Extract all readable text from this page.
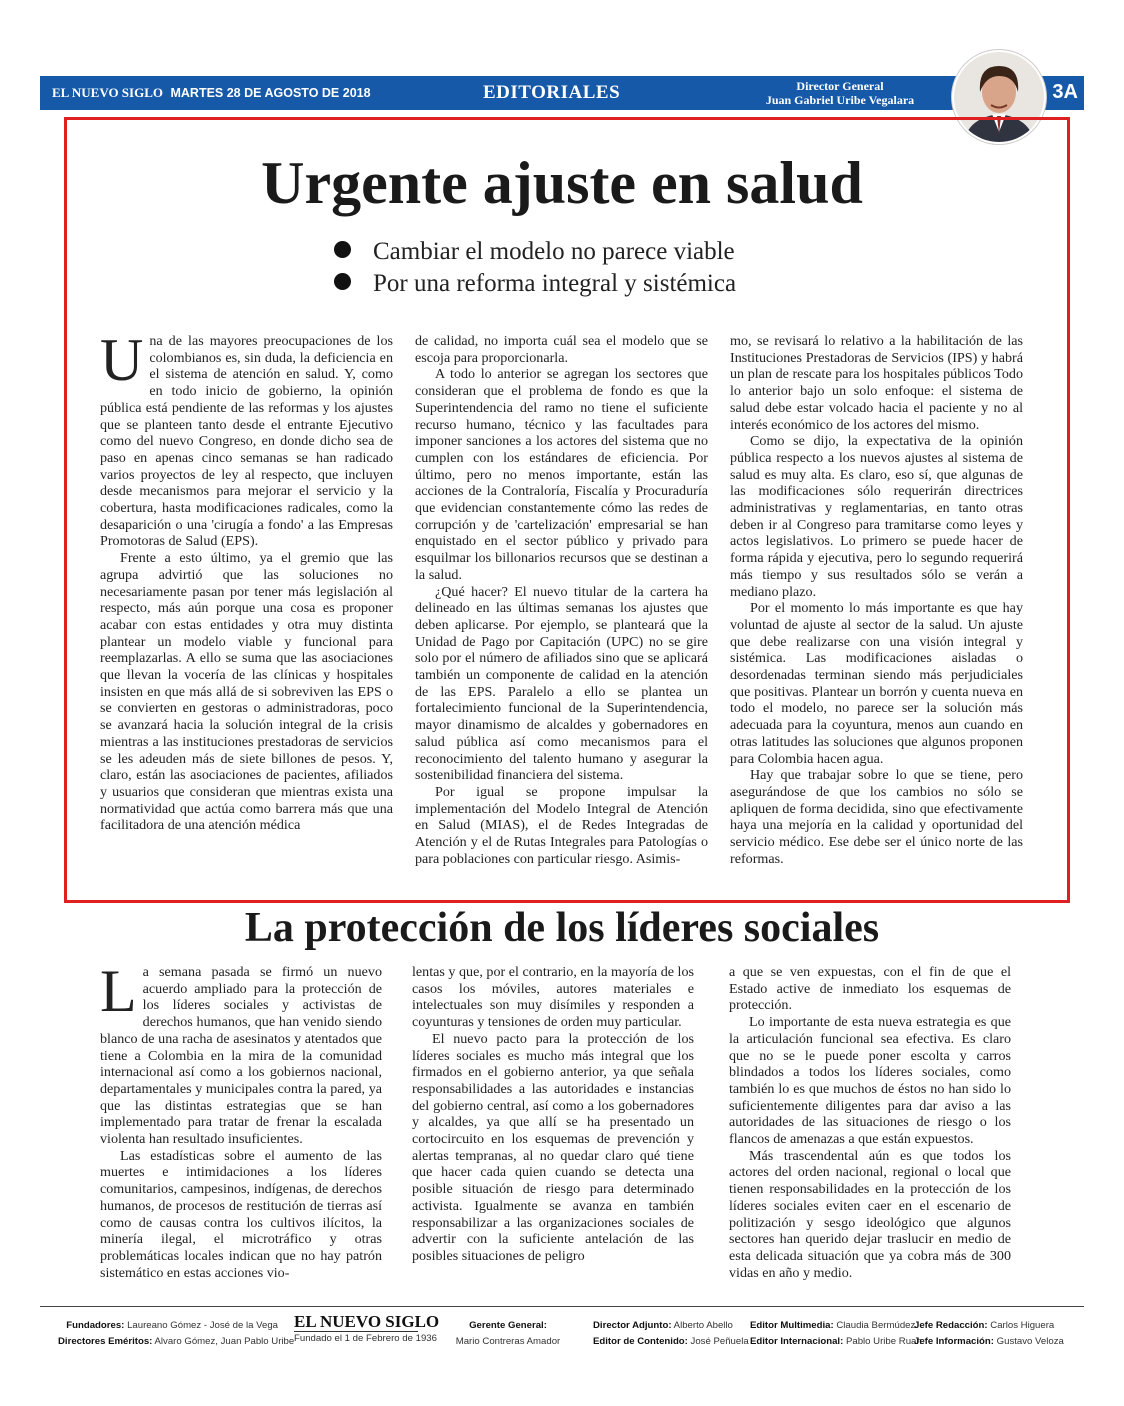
EL NUEVO SIGLO MARTES 28 DE AGOSTO DE 2018	EDITORIALES	Director General
Juan Gabriel Uribe Vegalara	3A
Urgente ajuste en salud
Cambiar el modelo no parece viable
Por una reforma integral y sistémica

Una de las mayores preocupaciones de los colombianos es, sin duda, la deficiencia en el sistema de atención en salud. Y, como en todo inicio de gobierno, la opinión pública está pendiente de las reformas y los ajustes que se planteen tanto desde el entrante Ejecutivo como del nuevo Congreso, en donde dicho sea de paso en apenas cinco semanas se han radicado varios proyectos de ley al respecto, que incluyen desde mecanismos para mejorar el servicio y la cobertura, hasta modificaciones radicales, como la desaparición o una 'cirugía a fondo' a las Empresas Promotoras de Salud (EPS).

Frente a esto último, ya el gremio que las agrupa advirtió que las soluciones no necesariamente pasan por tener más legislación al respecto, más aún porque una cosa es proponer acabar con estas entidades y otra muy distinta plantear un modelo viable y funcional para reemplazarlas. A ello se suma que las asociaciones que llevan la vocería de las clínicas y hospitales insisten en que más allá de si sobreviven las EPS o se convierten en gestoras o administradoras, poco se avanzará hacia la solución integral de la crisis mientras a las instituciones prestadoras de servicios se les adeuden más de siete billones de pesos. Y, claro, están las asociaciones de pacientes, afiliados y usuarios que consideran que mientras exista una normatividad que actúa como barrera más que una facilitadora de una atención médica

de calidad, no importa cuál sea el modelo que se escoja para proporcionarla.

A todo lo anterior se agregan los sectores que consideran que el problema de fondo es que la Superintendencia del ramo no tiene el suficiente recurso humano, técnico y las facultades para imponer sanciones a los actores del sistema que no cumplen con los estándares de eficiencia. Por último, pero no menos importante, están las acciones de la Contraloría, Fiscalía y Procuraduría que evidencian constantemente cómo las redes de corrupción y de 'cartelización' empresarial se han enquistado en el sector público y privado para esquilmar los billonarios recursos que se destinan a la salud.

¿Qué hacer? El nuevo titular de la cartera ha delineado en las últimas semanas los ajustes que deben aplicarse. Por ejemplo, se planteará que la Unidad de Pago por Capitación (UPC) no se gire solo por el número de afiliados sino que se aplicará también un componente de calidad en la atención de las EPS. Paralelo a ello se plantea un fortalecimiento funcional de la Superintendencia, mayor dinamismo de alcaldes y gobernadores en salud pública así como mecanismos para el reconocimiento del talento humano y asegurar la sostenibilidad financiera del sistema.

Por igual se propone impulsar la implementación del Modelo Integral de Atención en Salud (MIAS), el de Redes Integradas de Atención y el de Rutas Integrales para Patologías o para poblaciones con particular riesgo. Asimis-

mo, se revisará lo relativo a la habilitación de las Instituciones Prestadoras de Servicios (IPS) y habrá un plan de rescate para los hospitales públicos Todo lo anterior bajo un solo enfoque: el sistema de salud debe estar volcado hacia el paciente y no al interés económico de los actores del mismo.

Como se dijo, la expectativa de la opinión pública respecto a los nuevos ajustes al sistema de salud es muy alta. Es claro, eso sí, que algunas de las modificaciones sólo requerirán directrices administrativas y reglamentarias, en tanto otras deben ir al Congreso para tramitarse como leyes y actos legislativos. Lo primero se puede hacer de forma rápida y ejecutiva, pero lo segundo requerirá más tiempo y sus resultados sólo se verán a mediano plazo.

Por el momento lo más importante es que hay voluntad de ajuste al sector de la salud. Un ajuste que debe realizarse con una visión integral y sistémica. Las modificaciones aisladas o desordenadas terminan siendo más perjudiciales que positivas. Plantear un borrón y cuenta nueva en todo el modelo, no parece ser la solución más adecuada para la coyuntura, menos aun cuando en otras latitudes las soluciones que algunos proponen para Colombia hacen agua.

Hay que trabajar sobre lo que se tiene, pero asegurándose de que los cambios no sólo se apliquen de forma decidida, sino que efectivamente haya una mejoría en la calidad y oportunidad del servicio médico. Ese debe ser el único norte de las reformas.

La protección de los líderes sociales

La semana pasada se firmó un nuevo acuerdo ampliado para la protección de los líderes sociales y activistas de derechos humanos, que han venido siendo blanco de una racha de asesinatos y atentados que tiene a Colombia en la mira de la comunidad internacional así como a los gobiernos nacional, departamentales y municipales contra la pared, ya que las distintas estrategias que se han implementado para tratar de frenar la escalada violenta han resultado insuficientes.

Las estadísticas sobre el aumento de las muertes e intimidaciones a los líderes comunitarios, campesinos, indígenas, de derechos humanos, de procesos de restitución de tierras así como de causas contra los cultivos ilícitos, la minería ilegal, el microtráfico y otras problemáticas locales indican que no hay patrón sistemático en estas acciones vio-

lentas y que, por el contrario, en la mayoría de los casos los móviles, autores materiales e intelectuales son muy disímiles y responden a coyunturas y tensiones de orden muy particular.

El nuevo pacto para la protección de los líderes sociales es mucho más integral que los firmados en el gobierno anterior, ya que señala responsabilidades a las autoridades e instancias del gobierno central, así como a los gobernadores y alcaldes, ya que allí se ha presentado un cortocircuito en los esquemas de prevención y alertas tempranas, al no quedar claro qué tiene que hacer cada quien cuando se detecta una posible situación de riesgo para determinado activista. Igualmente se avanza en también responsabilizar a las organizaciones sociales de advertir con la suficiente antelación de las posibles situaciones de peligro

a que se ven expuestas, con el fin de que el Estado active de inmediato los esquemas de protección.

Lo importante de esta nueva estrategia es que la articulación funcional sea efectiva. Es claro que no se le puede poner escolta y carros blindados a todos los líderes sociales, como también lo es que muchos de éstos no han sido lo suficientemente diligentes para dar aviso a las autoridades de las situaciones de riesgo o los flancos de amenazas a que están expuestos.

Más trascendental aún es que todos los actores del orden nacional, regional o local que tienen responsabilidades en la protección de los líderes sociales eviten caer en el escenario de politización y sesgo ideológico que algunos sectores han querido dejar traslucir en medio de esta delicada situación que ya cobra más de 300 vidas en año y medio.

Fundadores: Laureano Gómez - José de la Vega
Directores Eméritos: Alvaro Gómez, Juan Pablo Uribe
EL NUEVO SIGLO
Fundado el 1 de Febrero de 1936
Gerente General:
Mario Contreras Amador
Director Adjunto: Alberto Abello
Editor de Contenido: José Peñuela
Editor Multimedia: Claudia Bermúdez
Editor Internacional: Pablo Uribe Ruan
Jefe Redacción: Carlos Higuera
Jefe Información: Gustavo Veloza
